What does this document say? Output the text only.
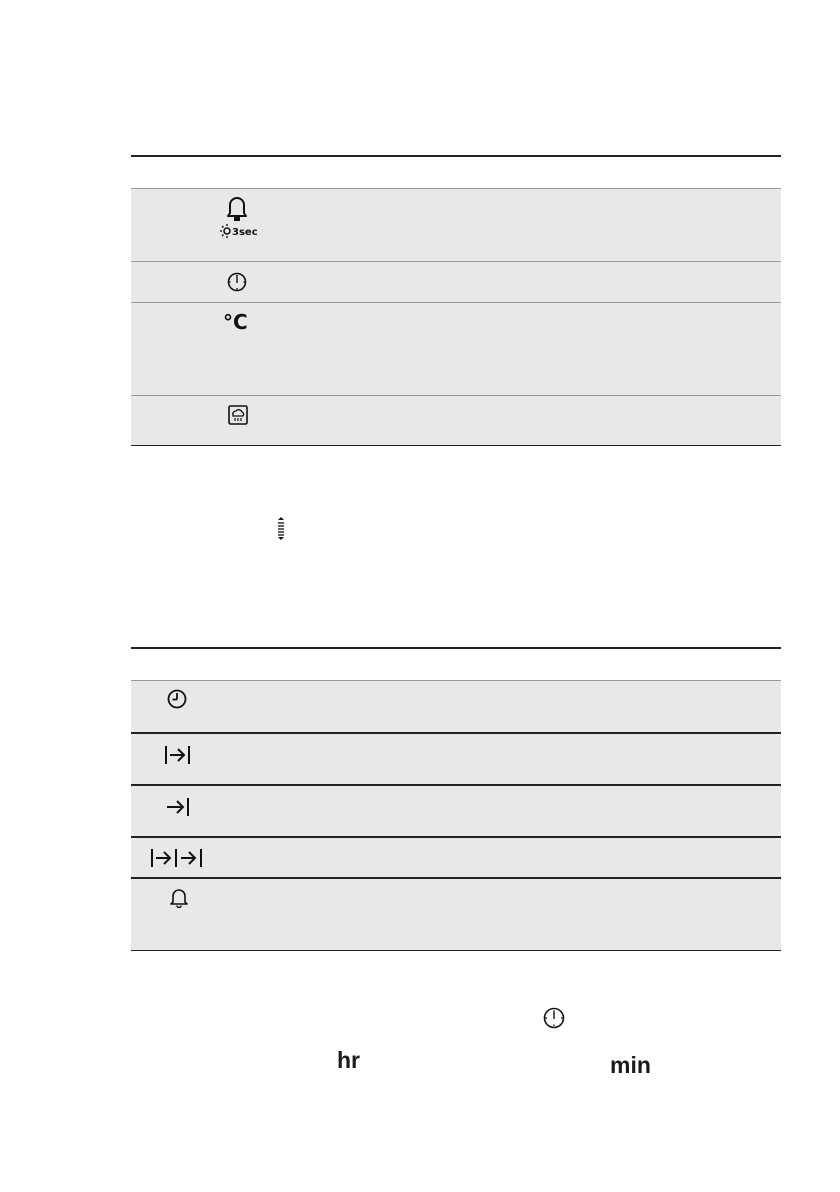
3sec
°C
hr	min
